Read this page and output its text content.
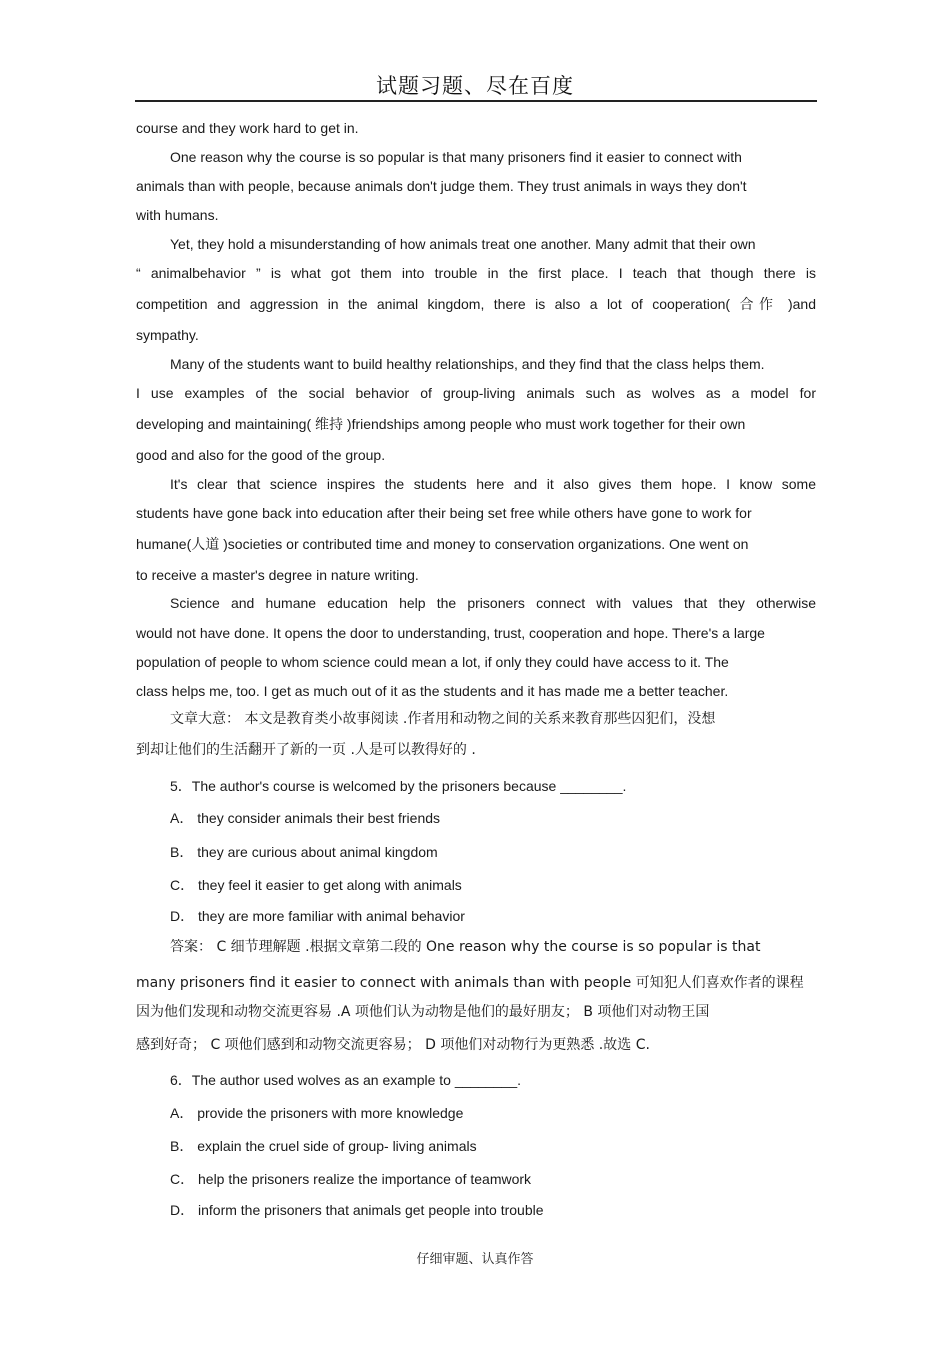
试题习题、尽在百度
course and they work hard to get in.
One reason why the course is so popular is that many prisoners find it easier to connect with
animals than with people, because animals don't judge them. They trust animals in ways they don't
with humans.
Yet, they hold a misunderstanding of how animals treat one another. Many admit that their own
“ animalbehavior ” is what got them into trouble in the first place. I teach that though there is
competition and aggression in the animal kingdom, there is also a lot of cooperation( 合作 )and
sympathy.
Many of the students want to build healthy relationships, and they find that the class helps them.
I use examples of the social behavior of group-living animals such as wolves as a model for
developing and maintaining( 维持 )friendships among people who must work together for their own
good and also for the good of the group.
It's clear that science inspires the students here and it also gives them hope. I know some
students have gone back into education after their being set free while others have gone to work for
humane(人道 )societies or contributed time and money to conservation organizations. One went on
to receive a master's degree in nature writing.
Science and humane education help the prisoners connect with values that they otherwise
would not have done. It opens the door to understanding, trust, cooperation and hope. There's a large
population of people to whom science could mean a lot, if only they could have access to it. The
class helps me, too. I get as much out of it as the students and it has made me a better teacher.
文章大意： 本文是教育类小故事阅读 .作者用和动物之间的关系来教育那些囚犯们，没想
到却让他们的生活翻开了新的一页 .人是可以教得好的 .
5．The author's course is welcomed by the prisoners because ________.
A． they consider animals their best friends
B． they are curious about animal kingdom
C． they feel it easier to get along with animals
D． they are more familiar with animal behavior
答案： C 细节理解题 .根据文章第二段的 One reason why the course is so popular is that
many prisoners find it easier to connect with animals than with people 可知犯人们喜欢作者的课程
因为他们发现和动物交流更容易 .A 项他们认为动物是他们的最好朋友； B 项他们对动物王国
感到好奇； C 项他们感到和动物交流更容易； D 项他们对动物行为更熟悉 .故选 C.
6．The author used wolves as an example to ________.
A． provide the prisoners with more knowledge
B． explain the cruel side of group- living animals
C． help the prisoners realize the importance of teamwork
D． inform the prisoners that animals get people into trouble
仔细审题、认真作答
